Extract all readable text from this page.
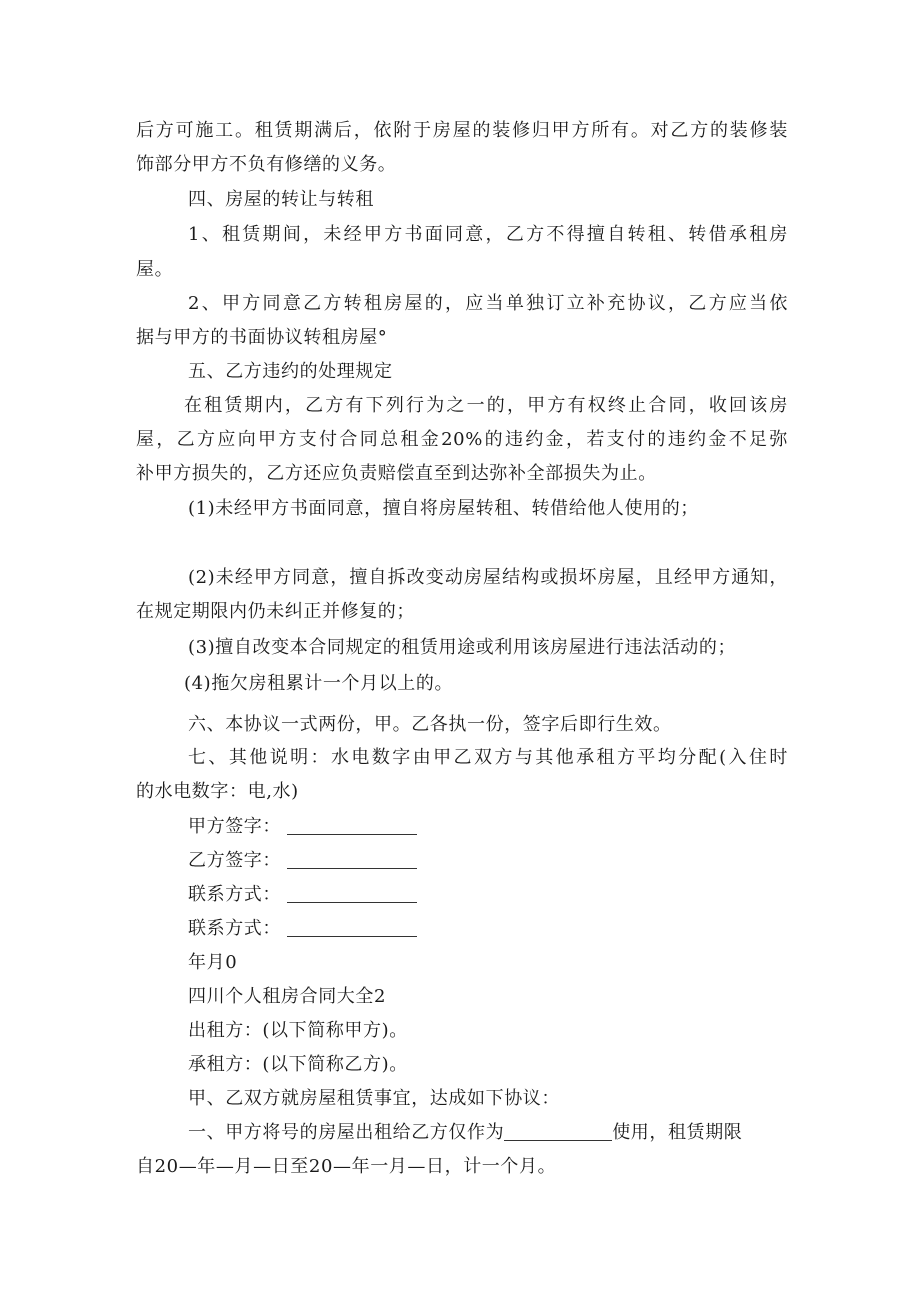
后方可施工。租赁期满后，依附于房屋的装修归甲方所有。对乙方的装修装
饰部分甲方不负有修缮的义务。
四、房屋的转让与转租
1、租赁期间，未经甲方书面同意，乙方不得擅自转租、转借承租房
屋。
2、甲方同意乙方转租房屋的，应当单独订立补充协议，乙方应当依
据与甲方的书面协议转租房屋°
五、乙方违约的处理规定
在租赁期内，乙方有下列行为之一的，甲方有权终止合同，收回该房
屋，乙方应向甲方支付合同总租金20%的违约金，若支付的违约金不足弥
补甲方损失的，乙方还应负责赔偿直至到达弥补全部损失为止。
(1)未经甲方书面同意，擅自将房屋转租、转借给他人使用的；
(2)未经甲方同意，擅自拆改变动房屋结构或损坏房屋，且经甲方通知，
在规定期限内仍未纠正并修复的；
(3)擅自改变本合同规定的租赁用途或利用该房屋进行违法活动的；
(4)拖欠房租累计一个月以上的。
六、本协议一式两份，甲。乙各执一份，签字后即行生效。
七、其他说明：水电数字由甲乙双方与其他承租方平均分配(入住时
的水电数字：电,水)
甲方签字：
乙方签字：
联系方式：
联系方式：
年月0
四川个人租房合同大全2
出租方：(以下简称甲方)。
承租方：(以下简称乙方)。
甲、乙双方就房屋租赁事宜，达成如下协议：
一、甲方将号的房屋出租给乙方仅作为	使用，租赁期限
自20—年—月—日至20—年一月—日，计一个月。
